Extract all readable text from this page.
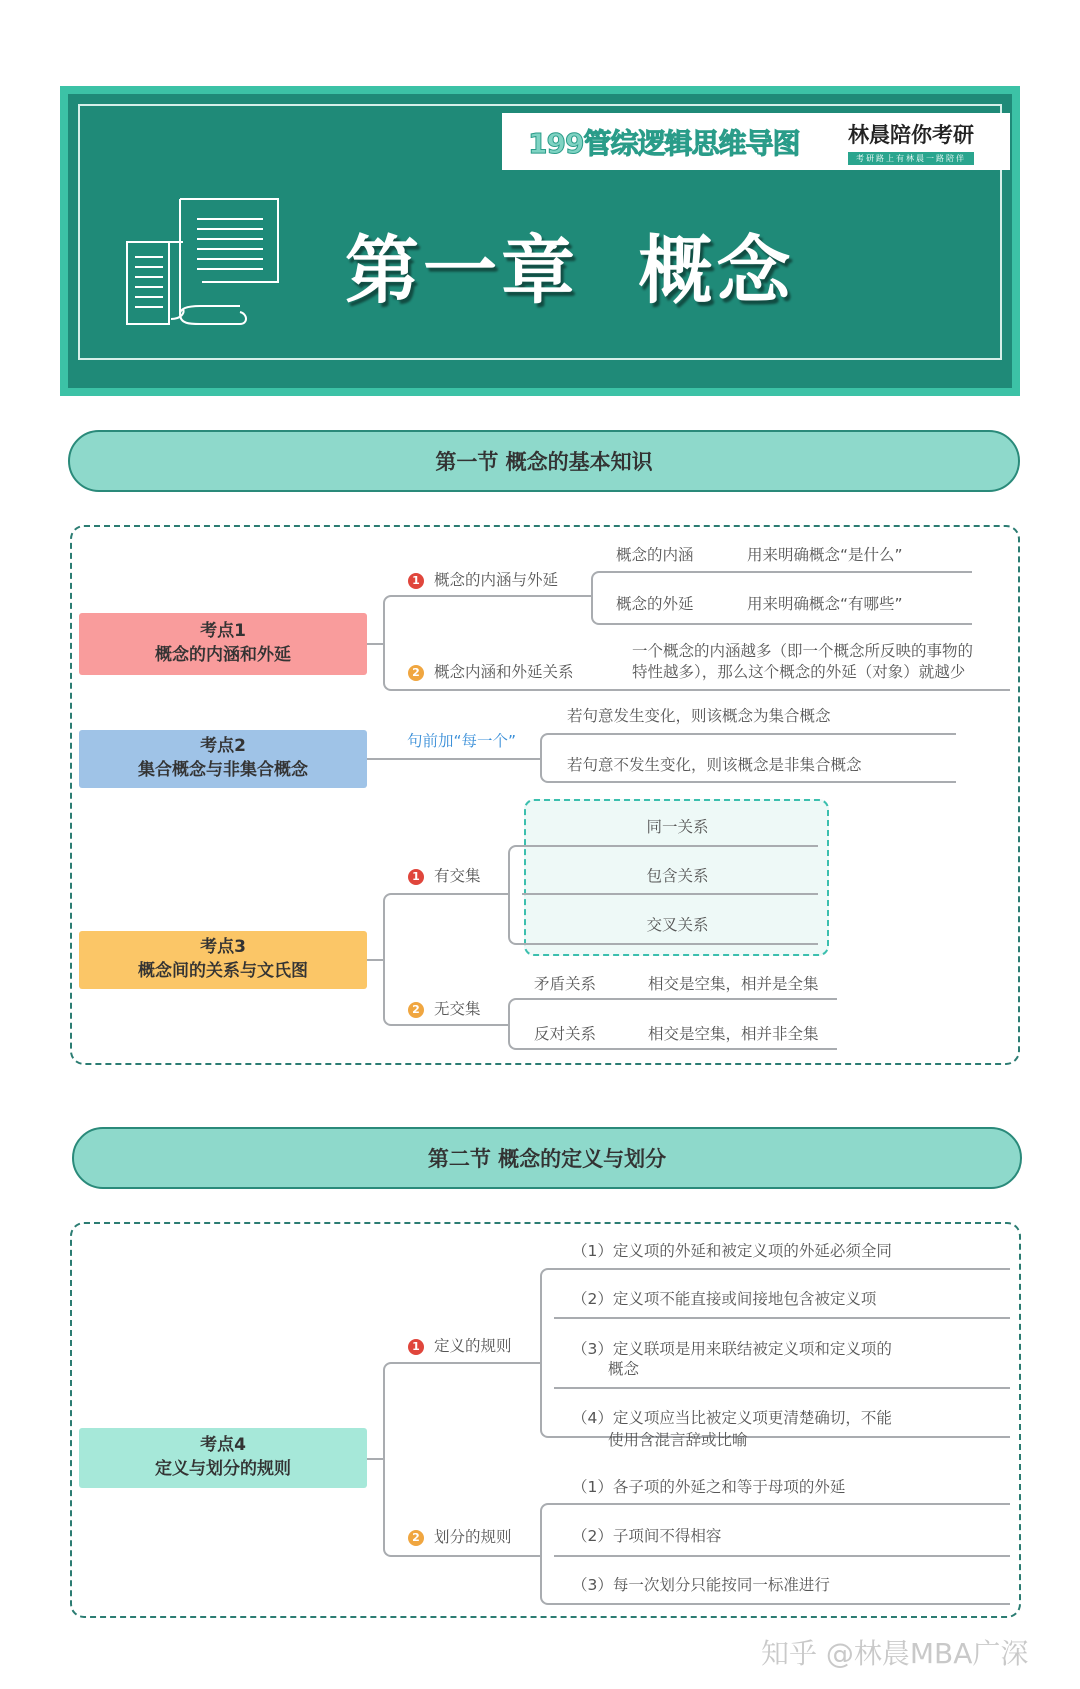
199管综逻辑思维导图	林晨陪你考研
考研路上有林晨一路陪伴
第一章  概念
第一节 概念的基本知识
考点1
概念的内涵和外延
1 概念的内涵与外延
概念的内涵	用来明确概念“是什么”
概念的外延	用来明确概念“有哪些”
2 概念内涵和外延关系
一个概念的内涵越多（即一个概念所反映的事物的
特性越多），那么这个概念的外延（对象）就越少
考点2
集合概念与非集合概念
句前加“每一个”
若句意发生变化，则该概念为集合概念
若句意不发生变化，则该概念是非集合概念
考点3
概念间的关系与文氏图
1 有交集
同一关系
包含关系
交叉关系
2 无交集
矛盾关系	相交是空集，相并是全集
反对关系	相交是空集，相并非全集
第二节 概念的定义与划分
考点4
定义与划分的规则
1 定义的规则
（1）定义项的外延和被定义项的外延必须全同
（2）定义项不能直接或间接地包含被定义项
（3）定义联项是用来联结被定义项和定义项的
概念
（4）定义项应当比被定义项更清楚确切，不能
使用含混言辞或比喻
2 划分的规则
（1）各子项的外延之和等于母项的外延
（2）子项间不得相容
（3）每一次划分只能按同一标准进行
知乎 @林晨MBA广深
